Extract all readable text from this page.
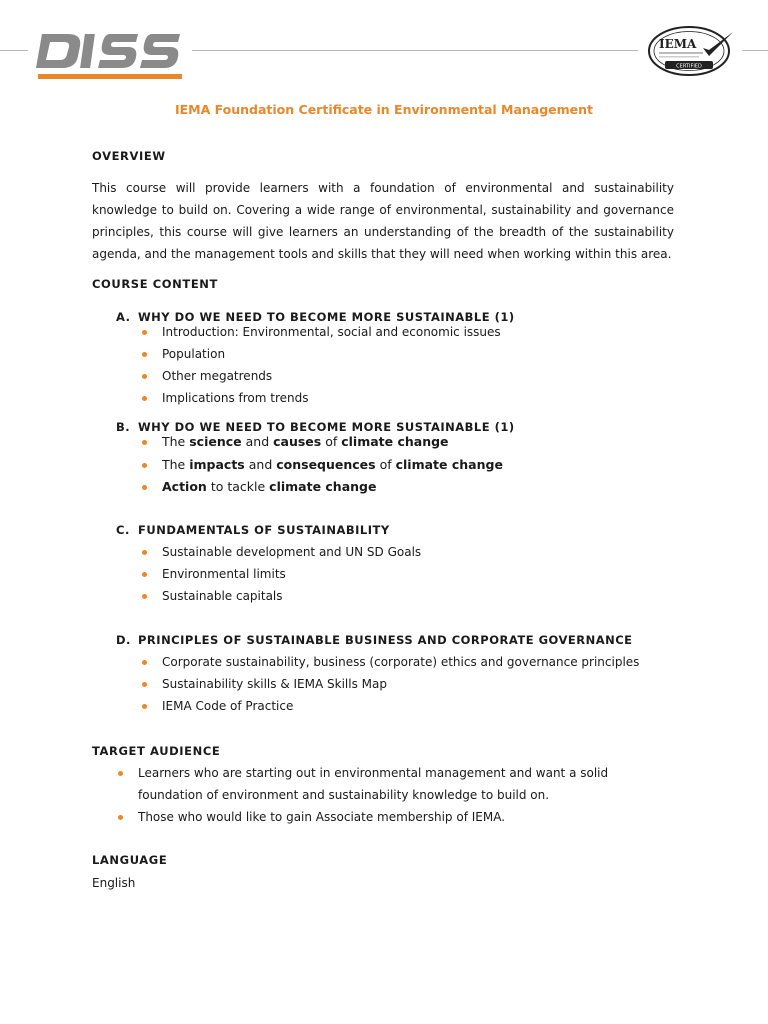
IEMA
CERTIFIED
IEMA Foundation Certificate in Environmental Management
OVERVIEW
This course will provide learners with a foundation of environmental and sustainability knowledge to build on. Covering a wide range of environmental, sustainability and governance principles, this course will give learners an understanding of the breadth of the sustainability agenda, and the management tools and skills that they will need when working within this area.
COURSE CONTENT
A. WHY DO WE NEED TO BECOME MORE SUSTAINABLE (1)
Introduction: Environmental, social and economic issues
Population
Other megatrends
Implications from trends
B. WHY DO WE NEED TO BECOME MORE SUSTAINABLE (1)
The science and causes of climate change
The impacts and consequences of climate change
Action to tackle climate change
C. FUNDAMENTALS OF SUSTAINABILITY
Sustainable development and UN SD Goals
Environmental limits
Sustainable capitals
D. PRINCIPLES OF SUSTAINABLE BUSINESS AND CORPORATE GOVERNANCE
Corporate sustainability, business (corporate) ethics and governance principles
Sustainability skills & IEMA Skills Map
IEMA Code of Practice
TARGET AUDIENCE
Learners who are starting out in environmental management and want a solid foundation of environment and sustainability knowledge to build on.
Those who would like to gain Associate membership of IEMA.
LANGUAGE
English
